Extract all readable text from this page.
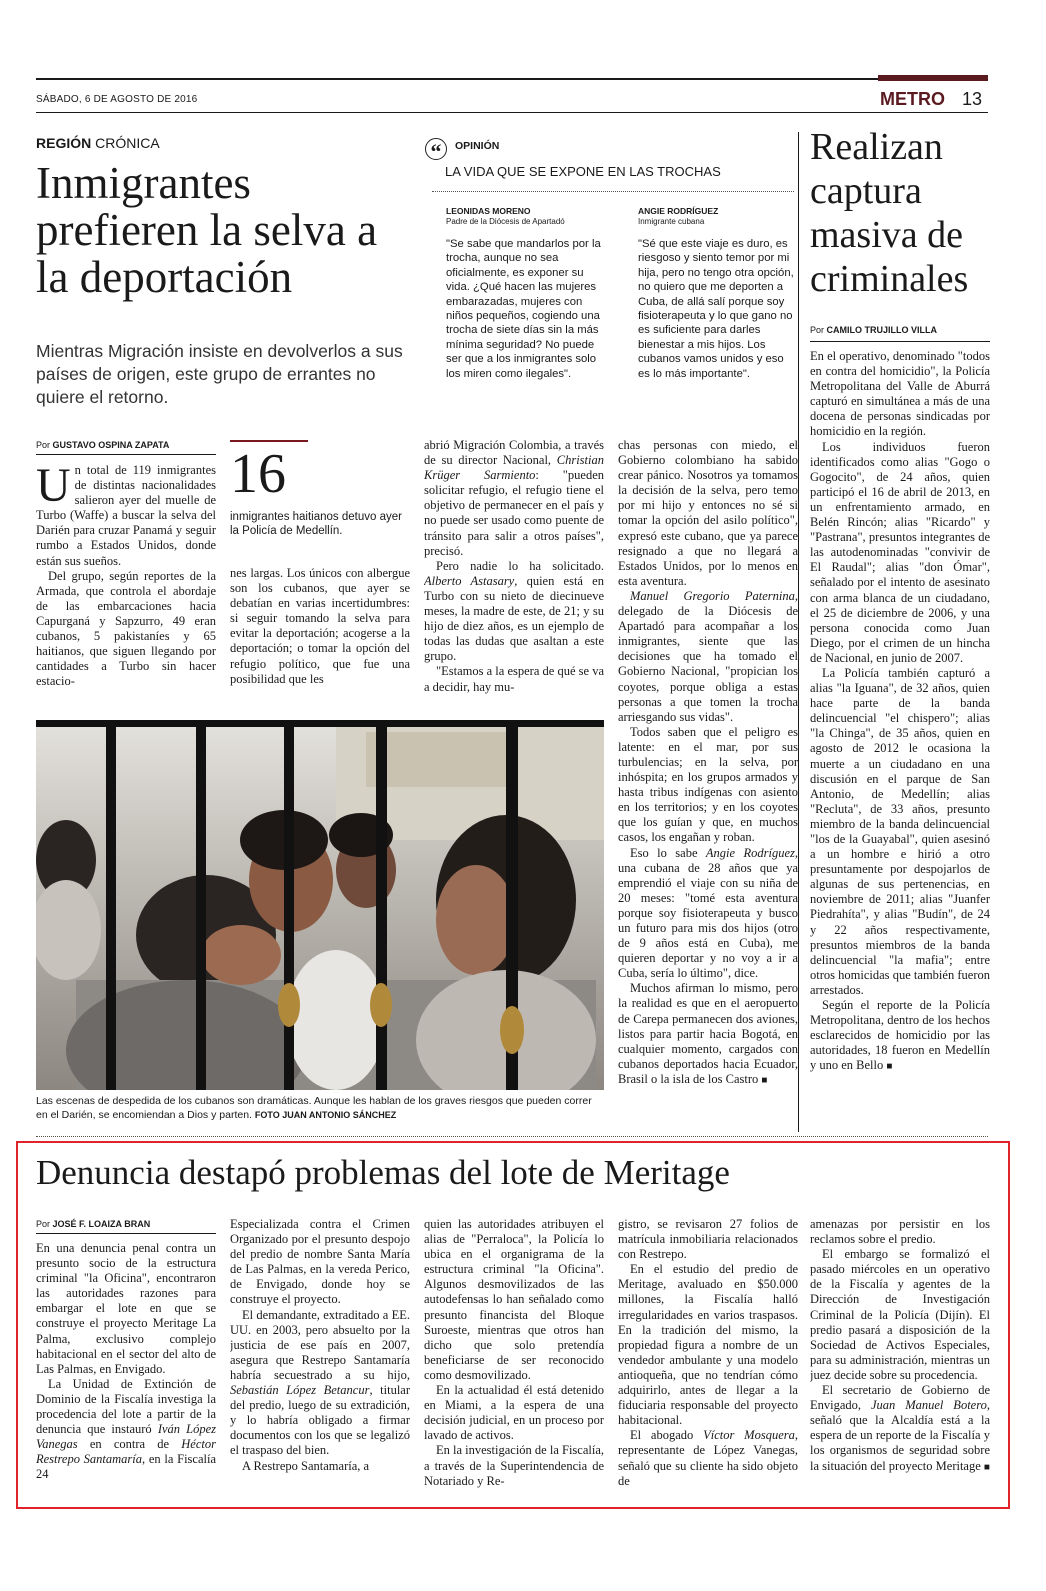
SÁBADO, 6 DE AGOSTO DE 2016	METRO 13
REGIÓN CRÓNICA
Inmigrantes prefieren la selva a la deportación
Mientras Migración insiste en devolverlos a sus países de origen, este grupo de errantes no quiere el retorno.
“	OPINIÓN
LA VIDA QUE SE EXPONE EN LAS TROCHAS
LEONIDAS MORENO
Padre de la Diócesis de Apartadó
"Se sabe que mandarlos por la trocha, aunque no sea oficialmente, es exponer su vida. ¿Qué hacen las mujeres embarazadas, mujeres con niños pequeños, cogiendo una trocha de siete días sin la más mínima seguridad? No puede ser que a los inmigrantes solo los miren como ilegales".
ANGIE RODRÍGUEZ
Inmigrante cubana
"Sé que este viaje es duro, es riesgoso y siento temor por mi hija, pero no tengo otra opción, no quiero que me deporten a Cuba, de allá salí porque soy fisioterapeuta y lo que gano no es suficiente para darles bienestar a mis hijos. Los cubanos vamos unidos y eso es lo más importante".
Realizan captura masiva de criminales
Por CAMILO TRUJILLO VILLA

En el operativo, denominado "todos en contra del homicidio", la Policía Metropolitana del Valle de Aburrá capturó en simultánea a más de una docena de personas sindicadas por homicidio en la región.

Los individuos fueron identificados como alias "Gogo o Gogocito", de 24 años, quien participó el 16 de abril de 2013, en un enfrentamiento armado, en Belén Rincón; alias "Ricardo" y "Pastrana", presuntos integrantes de las autodenominadas "convivir de El Raudal"; alias "don Ómar", señalado por el intento de asesinato con arma blanca de un ciudadano, el 25 de diciembre de 2006, y una persona conocida como Juan Diego, por el crimen de un hincha de Nacional, en junio de 2007.

La Policía también capturó a alias "la Iguana", de 32 años, quien hace parte de la banda delincuencial "el chispero"; alias "la Chinga", de 35 años, quien en agosto de 2012 le ocasiona la muerte a un ciudadano en una discusión en el parque de San Antonio, de Medellín; alias "Recluta", de 33 años, presunto miembro de la banda delincuencial "los de la Guayabal", quien asesinó a un hombre e hirió a otro presuntamente por despojarlos de algunas de sus pertenencias, en noviembre de 2011; alias "Juanfer Piedrahíta", y alias "Budín", de 24 y 22 años respectivamente, presuntos miembros de la banda delincuencial "la mafia"; entre otros homicidas que también fueron arrestados.

Según el reporte de la Policía Metropolitana, dentro de los hechos esclarecidos de homicidio por las autoridades, 18 fueron en Medellín y uno en Bello ■

Por GUSTAVO OSPINA ZAPATA 16
inmigrantes haitianos detuvo ayer la Policía de Medellín.

Un total de 119 inmigrantes de distintas nacionalidades salieron ayer del muelle de Turbo (Waffe) a buscar la selva del Darién para cruzar Panamá y seguir rumbo a Estados Unidos, donde están sus sueños.

Del grupo, según reportes de la Armada, que controla el abordaje de las embarcaciones hacia Capurganá y Sapzurro, 49 eran cubanos, 5 pakistaníes y 65 haitianos, que siguen llegando por cantidades a Turbo sin hacer estacio-

nes largas. Los únicos con albergue son los cubanos, que ayer se debatían en varias incertidumbres: si seguir tomando la selva para evitar la deportación; acogerse a la deportación; o tomar la opción del refugio político, que fue una posibilidad que les

abrió Migración Colombia, a través de su director Nacional, Christian Krüger Sarmiento: "pueden solicitar refugio, el refugio tiene el objetivo de permanecer en el país y no puede ser usado como puente de tránsito para salir a otros países", precisó.

Pero nadie lo ha solicitado. Alberto Astasary, quien está en Turbo con su nieto de diecinueve meses, la madre de este, de 21; y su hijo de diez años, es un ejemplo de todas las dudas que asaltan a este grupo.

"Estamos a la espera de qué se va a decidir, hay mu-

chas personas con miedo, el Gobierno colombiano ha sabido crear pánico. Nosotros ya tomamos la decisión de la selva, pero temo por mi hijo y entonces no sé si tomar la opción del asilo político", expresó este cubano, que ya parece resignado a que no llegará a Estados Unidos, por lo menos en esta aventura.

Manuel Gregorio Paternina, delegado de la Diócesis de Apartadó para acompañar a los inmigrantes, siente que las decisiones que ha tomado el Gobierno Nacional, "propician los coyotes, porque obliga a estas personas a que tomen la trocha arriesgando sus vidas".

Todos saben que el peligro es latente: en el mar, por sus turbulencias; en la selva, por inhóspita; en los grupos armados y hasta tribus indígenas con asiento en los territorios; y en los coyotes que los guían y que, en muchos casos, los engañan y roban.

Eso lo sabe Angie Rodríguez, una cubana de 28 años que ya emprendió el viaje con su niña de 20 meses: "tomé esta aventura porque soy fisioterapeuta y busco un futuro para mis dos hijos (otro de 9 años está en Cuba), me quieren deportar y no voy a ir a Cuba, sería lo último", dice.

Muchos afirman lo mismo, pero la realidad es que en el aeropuerto de Carepa permanecen dos aviones, listos para partir hacia Bogotá, en cualquier momento, cargados con cubanos deportados hacia Ecuador, Brasil o la isla de los Castro ■

Las escenas de despedida de los cubanos son dramáticas. Aunque les hablan de los graves riesgos que pueden correr en el Darién, se encomiendan a Dios y parten. FOTO JUAN ANTONIO SÁNCHEZ
Denuncia destapó problemas del lote de Meritage
Por JOSÉ F. LOAIZA BRAN

En una denuncia penal contra un presunto socio de la estructura criminal "la Oficina", encontraron las autoridades razones para embargar el lote en que se construye el proyecto Meritage La Palma, exclusivo complejo habitacional en el sector del alto de Las Palmas, en Envigado.

La Unidad de Extinción de Dominio de la Fiscalía investiga la procedencia del lote a partir de la denuncia que instauró Iván López Vanegas en contra de Héctor Restrepo Santamaría, en la Fiscalía 24

Especializada contra el Crimen Organizado por el presunto despojo del predio de nombre Santa María de Las Palmas, en la vereda Perico, de Envigado, donde hoy se construye el proyecto.

El demandante, extraditado a EE. UU. en 2003, pero absuelto por la justicia de ese país en 2007, asegura que Restrepo Santamaría habría secuestrado a su hijo, Sebastián López Betancur, titular del predio, luego de su extradición, y lo habría obligado a firmar documentos con los que se legalizó el traspaso del bien.

A Restrepo Santamaría, a

quien las autoridades atribuyen el alias de "Perraloca", la Policía lo ubica en el organigrama de la estructura criminal "la Oficina". Algunos desmovilizados de las autodefensas lo han señalado como presunto financista del Bloque Suroeste, mientras que otros han dicho que solo pretendía beneficiarse de ser reconocido como desmovilizado.

En la actualidad él está detenido en Miami, a la espera de una decisión judicial, en un proceso por lavado de activos.

En la investigación de la Fiscalía, a través de la Superintendencia de Notariado y Re-

gistro, se revisaron 27 folios de matrícula inmobiliaria relacionados con Restrepo.

En el estudio del predio de Meritage, avaluado en $50.000 millones, la Fiscalía halló irregularidades en varios traspasos. En la tradición del mismo, la propiedad figura a nombre de un vendedor ambulante y una modelo antioqueña, que no tendrían cómo adquirirlo, antes de llegar a la fiduciaria responsable del proyecto habitacional.

El abogado Víctor Mosquera, representante de López Vanegas, señaló que su cliente ha sido objeto de

amenazas por persistir en los reclamos sobre el predio.

El embargo se formalizó el pasado miércoles en un operativo de la Fiscalía y agentes de la Dirección de Investigación Criminal de la Policía (Dijín). El predio pasará a disposición de la Sociedad de Activos Especiales, para su administración, mientras un juez decide sobre su procedencia.

El secretario de Gobierno de Envigado, Juan Manuel Botero, señaló que la Alcaldía está a la espera de un reporte de la Fiscalía y los organismos de seguridad sobre la situación del proyecto Meritage ■
